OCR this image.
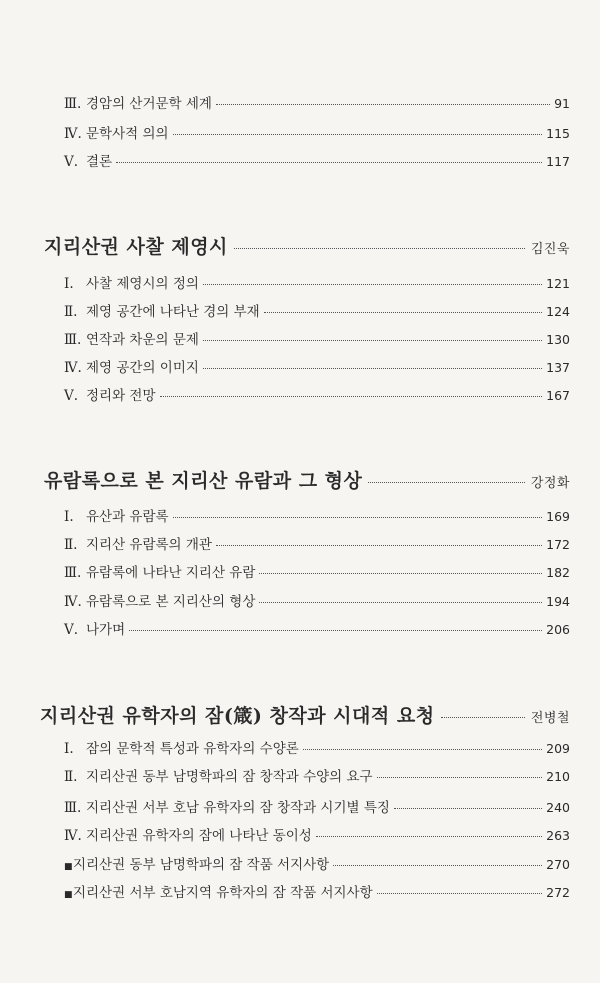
Ⅲ. 경암의 산거문학 세계	91
Ⅳ. 문학사적 의의	115
Ⅴ. 결론	117
지리산권 사찰 제영시	김진욱
Ⅰ. 사찰 제영시의 정의	121
Ⅱ. 제영 공간에 나타난 경의 부재	124
Ⅲ. 연작과 차운의 문제	130
Ⅳ. 제영 공간의 이미지	137
Ⅴ. 정리와 전망	167
유람록으로 본 지리산 유람과 그 형상	강정화
Ⅰ. 유산과 유람록	169
Ⅱ. 지리산 유람록의 개관	172
Ⅲ. 유람록에 나타난 지리산 유람	182
Ⅳ. 유람록으로 본 지리산의 형상	194
Ⅴ. 나가며	206
지리산권 유학자의 잠(箴) 창작과 시대적 요청	전병철
Ⅰ. 잠의 문학적 특성과 유학자의 수양론	209
Ⅱ. 지리산권 동부 남명학파의 잠 창작과 수양의 요구	210
Ⅲ. 지리산권 서부 호남 유학자의 잠 창작과 시기별 특징	240
Ⅳ. 지리산권 유학자의 잠에 나타난 동이성	263
■ 지리산권 동부 남명학파의 잠 작품 서지사항	270
■ 지리산권 서부 호남지역 유학자의 잠 작품 서지사항	272
